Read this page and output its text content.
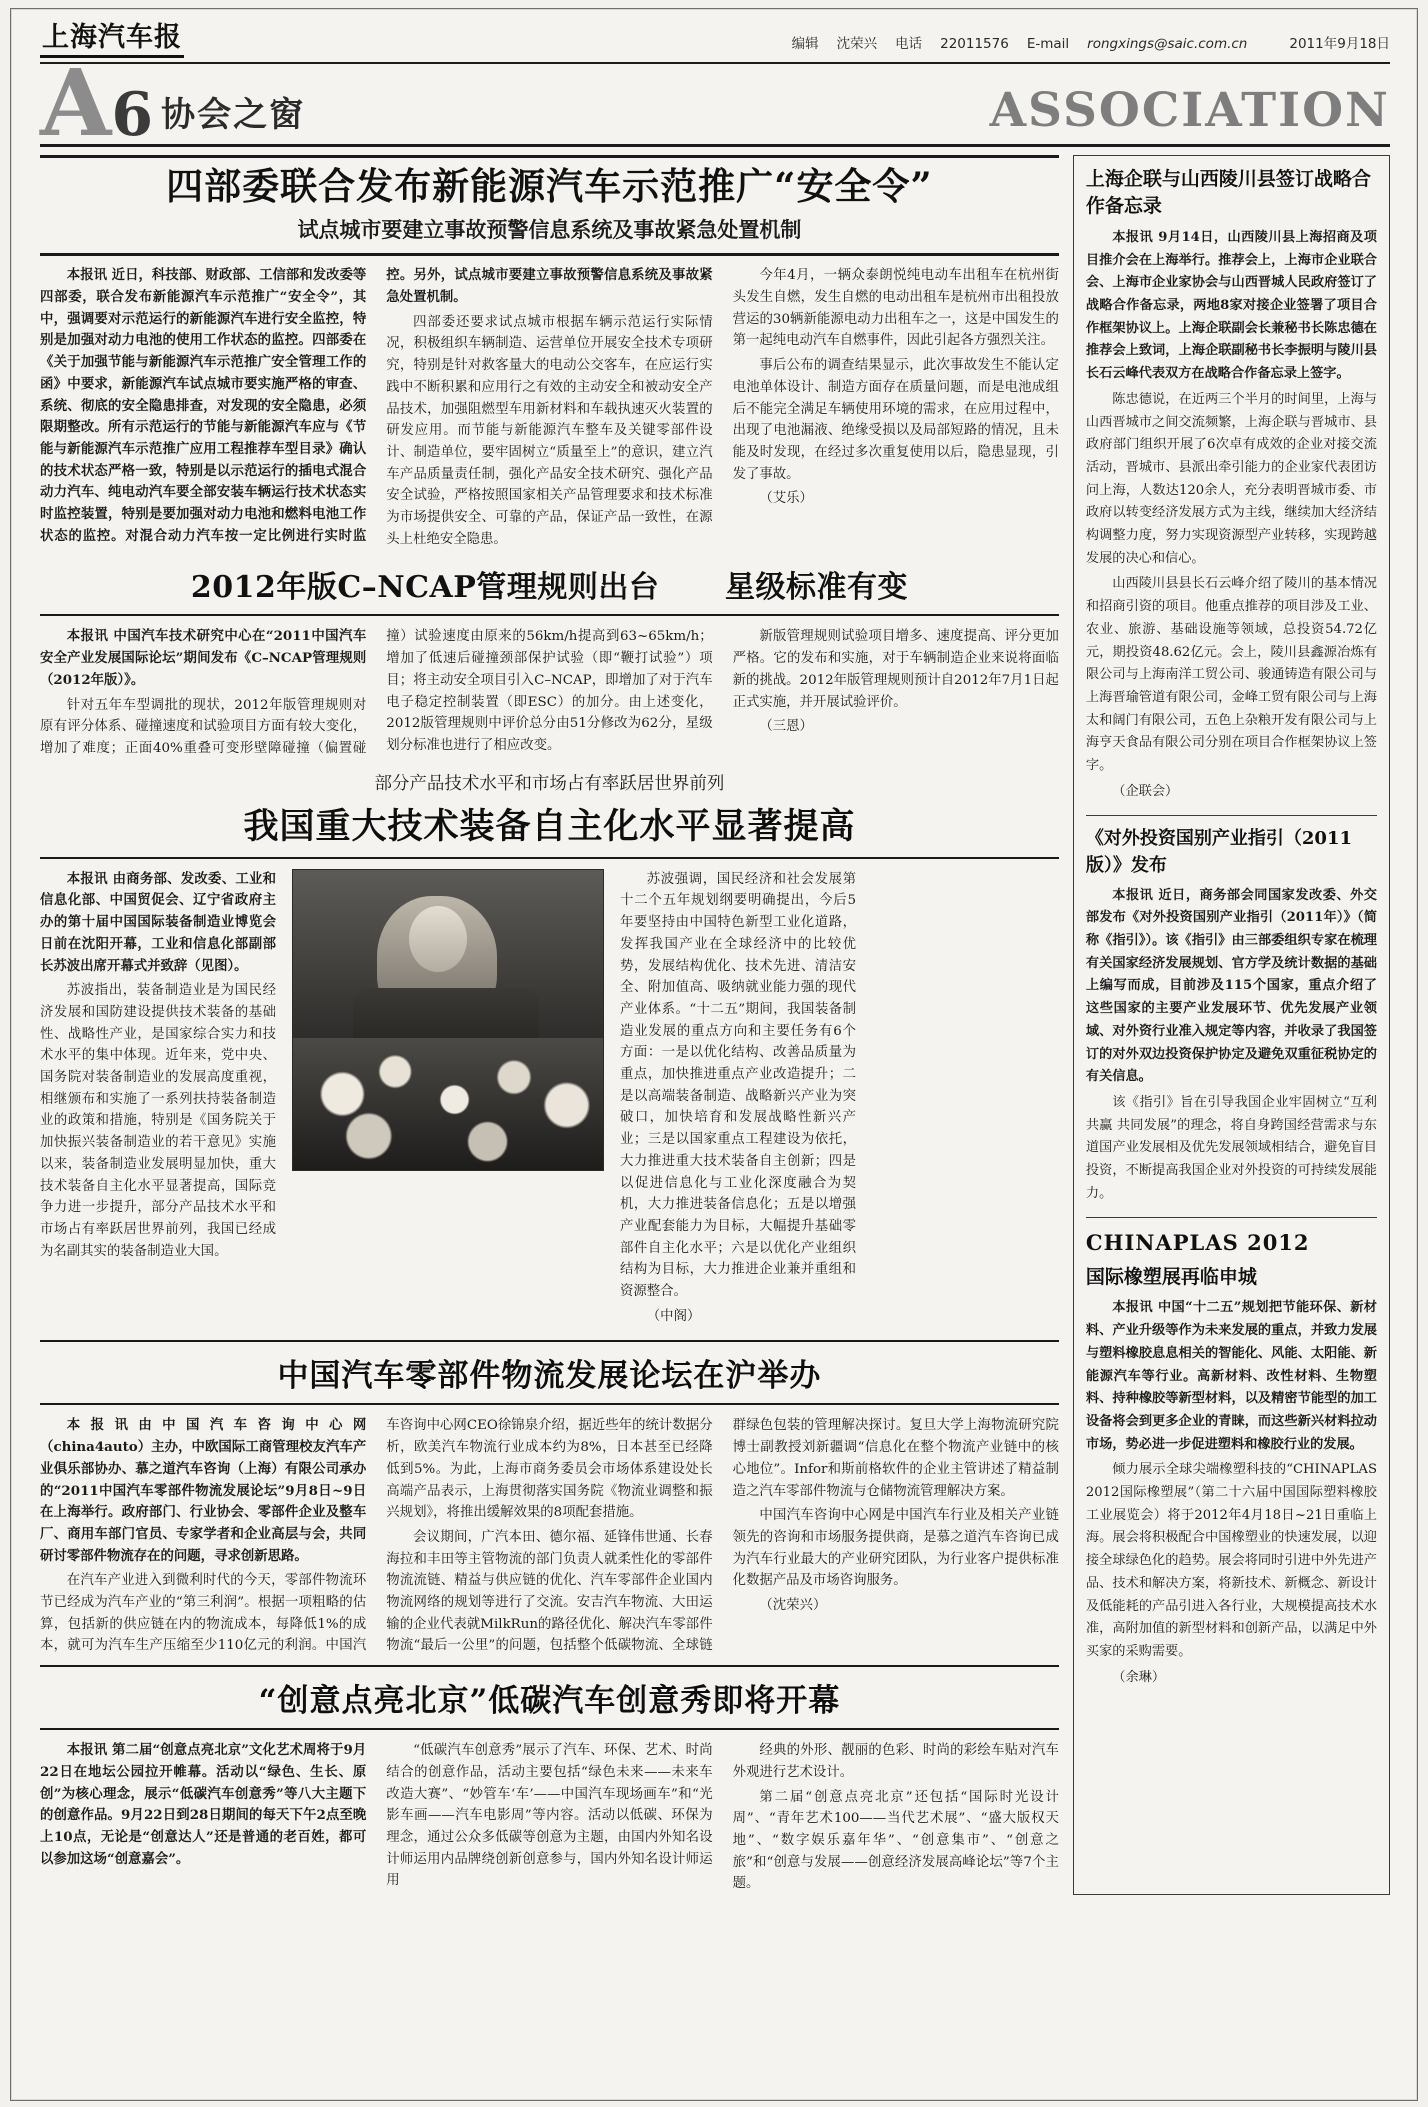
上海汽车报	编辑 沈荣兴 电话 22011576 E-mail rongxings@saic.com.cn	2011年9月18日
A 6 协会之窗	ASSOCIATION
四部委联合发布新能源汽车示范推广“安全令”
试点城市要建立事故预警信息系统及事故紧急处置机制

本报讯 近日，科技部、财政部、工信部和发改委等四部委，联合发布新能源汽车示范推广“安全令”，其中，强调要对示范运行的新能源汽车进行安全监控，特别是加强对动力电池的使用工作状态的监控。四部委在《关于加强节能与新能源汽车示范推广安全管理工作的函》中要求，新能源汽车试点城市要实施严格的审查、系统、彻底的安全隐患排查，对发现的安全隐患，必须限期整改。所有示范运行的节能与新能源汽车应与《节能与新能源汽车示范推广应用工程推荐车型目录》确认的技术状态严格一致，特别是以示范运行的插电式混合动力汽车、纯电动汽车要全部安装车辆运行技术状态实时监控装置，特别是要加强对动力电池和燃料电池工作状态的监控。对混合动力汽车按一定比例进行实时监控。另外，试点城市要建立事故预警信息系统及事故紧急处置机制。

四部委还要求试点城市根据车辆示范运行实际情况，积极组织车辆制造、运营单位开展安全技术专项研究，特别是针对救客量大的电动公交客车，在应运行实践中不断积累和应用行之有效的主动安全和被动安全产品技术，加强阻燃型车用新材料和车载执速灭火装置的研发应用。而节能与新能源汽车整车及关键零部件设计、制造单位，要牢固树立“质量至上”的意识，建立汽车产品质量责任制，强化产品安全技术研究、强化产品安全试验，严格按照国家相关产品管理要求和技术标准为市场提供安全、可靠的产品，保证产品一致性，在源头上杜绝安全隐患。

今年4月，一辆众泰朗悦纯电动车出租车在杭州街头发生自燃，发生自燃的电动出租车是杭州市出租投放营运的30辆新能源电动力出租车之一，这是中国发生的第一起纯电动汽车自燃事件，因此引起各方强烈关注。

事后公布的调查结果显示，此次事故发生不能认定电池单体设计、制造方面存在质量问题，而是电池成组后不能完全满足车辆使用环境的需求，在应用过程中，出现了电池漏液、绝缘受损以及局部短路的情况，且未能及时发现，在经过多次重复使用以后，隐患显现，引发了事故。

（艾乐）

2012年版C–NCAP管理规则出台 星级标准有变

本报讯 中国汽车技术研究中心在“2011中国汽车安全产业发展国际论坛”期间发布《C–NCAP管理规则（2012年版）》。

针对五年车型调批的现状，2012年版管理规则对原有评分体系、碰撞速度和试验项目方面有较大变化，增加了难度；正面40%重叠可变形壁障碰撞（偏置碰撞）试验速度由原来的56km/h提高到63~65km/h；增加了低速后碰撞颈部保护试验（即“鞭打试验”）项目；将主动安全项目引入C–NCAP，即增加了对于汽车电子稳定控制装置（即ESC）的加分。由上述变化，2012版管理规则中评价总分由51分修改为62分，星级划分标准也进行了相应改变。

新版管理规则试验项目增多、速度提高、评分更加严格。它的发布和实施，对于车辆制造企业来说将面临新的挑战。2012年版管理规则预计自2012年7月1日起正式实施，并开展试验评价。

（三恩）

部分产品技术水平和市场占有率跃居世界前列
我国重大技术装备自主化水平显著提高

本报讯 由商务部、发改委、工业和信息化部、中国贸促会、辽宁省政府主办的第十届中国国际装备制造业博览会日前在沈阳开幕，工业和信息化部副部长苏波出席开幕式并致辞（见图）。

苏波指出，装备制造业是为国民经济发展和国防建设提供技术装备的基础性、战略性产业，是国家综合实力和技术水平的集中体现。近年来，党中央、国务院对装备制造业的发展高度重视，相继颁布和实施了一系列扶持装备制造业的政策和措施，特别是《国务院关于加快振兴装备制造业的若干意见》实施以来，装备制造业发展明显加快，重大技术装备自主化水平显著提高，国际竞争力进一步提升，部分产品技术水平和市场占有率跃居世界前列，我国已经成为名副其实的装备制造业大国。

苏波强调，国民经济和社会发展第十二个五年规划纲要明确提出，今后5年要坚持由中国特色新型工业化道路，发挥我国产业在全球经济中的比较优势，发展结构优化、技术先进、清洁安全、附加值高、吸纳就业能力强的现代产业体系。“十二五”期间，我国装备制造业发展的重点方向和主要任务有6个方面：一是以优化结构、改善品质量为重点，加快推进重点产业改造提升；二是以高端装备制造、战略新兴产业为突破口，加快培育和发展战略性新兴产业；三是以国家重点工程建设为依托，大力推进重大技术装备自主创新；四是以促进信息化与工业化深度融合为契机，大力推进装备信息化；五是以增强产业配套能力为目标，大幅提升基础零部件自主化水平；六是以优化产业组织结构为目标，大力推进企业兼并重组和资源整合。

（中阁）

中国汽车零部件物流发展论坛在沪举办

本 报 讯 由 中 国 汽 车 咨 询 中 心 网（china4auto）主办，中欧国际工商管理校友汽车产业俱乐部协办、慕之道汽车咨询（上海）有限公司承办的“2011中国汽车零部件物流发展论坛”9月8日~9日在上海举行。政府部门、行业协会、零部件企业及整车厂、商用车部门官员、专家学者和企业高层与会，共同研讨零部件物流存在的问题，寻求创新思路。

在汽车产业进入到微利时代的今天，零部件物流环节已经成为汽车产业的“第三利润”。根据一项粗略的估算，包括新的供应链在内的物流成本，每降低1%的成本，就可为汽车生产压缩至少110亿元的利润。中国汽车咨询中心网CEO徐锦泉介绍，据近些年的统计数据分析，欧美汽车物流行业成本约为8%，日本甚至已经降低到5%。为此，上海市商务委员会市场体系建设处长高端产品表示，上海贯彻落实国务院《物流业调整和振兴规划》，将推出缓解效果的8项配套措施。

会议期间，广汽本田、德尔福、延锋伟世通、长春海拉和丰田等主管物流的部门负责人就柔性化的零部件物流流链、精益与供应链的优化、汽车零部件企业国内物流网络的规划等进行了交流。安吉汽车物流、大田运输的企业代表就MilkRun的路径优化、解决汽车零部件物流“最后一公里”的问题，包括整个低碳物流、全球链群绿色包装的管理解决探讨。复旦大学上海物流研究院博士副教授刘新疆调“信息化在整个物流产业链中的核心地位”。Infor和斯前格软件的企业主管讲述了精益制造之汽车零部件物流与仓储物流管理解决方案。

中国汽车咨询中心网是中国汽车行业及相关产业链领先的咨询和市场服务提供商，是慕之道汽车咨询已成为汽车行业最大的产业研究团队，为行业客户提供标准化数据产品及市场咨询服务。

（沈荣兴）

“创意点亮北京”低碳汽车创意秀即将开幕

本报讯 第二届“创意点亮北京”文化艺术周将于9月22日在地坛公园拉开帷幕。活动以“绿色、生长、原创”为核心理念，展示“低碳汽车创意秀”等八大主题下的创意作品。9月22日到28日期间的每天下午2点至晚上10点，无论是“创意达人”还是普通的老百姓，都可以参加这场“创意嘉会”。

“低碳汽车创意秀”展示了汽车、环保、艺术、时尚结合的创意作品，活动主要包括“绿色未来——未来车改造大赛”、“妙管车‘车’——中国汽车现场画车”和“光影车画——汽车电影周”等内容。活动以低碳、环保为理念，通过公众多低碳等创意为主题，由国内外知名设计师运用内品牌绕创新创意参与，国内外知名设计师运用

经典的外形、靓丽的色彩、时尚的彩绘车贴对汽车外观进行艺术设计。

第二届“创意点亮北京”还包括“国际时光设计周”、“青年艺术100——当代艺术展”、“盛大版权天地”、“数字娱乐嘉年华”、“创意集市”、“创意之旅”和“创意与发展——创意经济发展高峰论坛”等7个主题。

上海企联与山西陵川县签订战略合作备忘录

本报讯 9月14日，山西陵川县上海招商及项目推介会在上海举行。推荐会上，上海市企业联合会、上海市企业家协会与山西晋城人民政府签订了战略合作备忘录，两地8家对接企业签署了项目合作框架协议上。上海企联副会长兼秘书长陈忠德在推荐会上致词，上海企联副秘书长李振明与陵川县长石云峰代表双方在战略合作备忘录上签字。

陈忠德说，在近两三个半月的时间里，上海与山西晋城市之间交流频繁，上海企联与晋城市、县政府部门组织开展了6次卓有成效的企业对接交流活动，晋城市、县派出牵引能力的企业家代表团访问上海，人数达120余人，充分表明晋城市委、市政府以转变经济发展方式为主线，继续加大经济结构调整力度，努力实现资源型产业转移，实现跨越发展的决心和信心。

山西陵川县县长石云峰介绍了陵川的基本情况和招商引资的项目。他重点推荐的项目涉及工业、农业、旅游、基础设施等领域，总投资54.72亿元，期投资48.62亿元。会上，陵川县鑫源冶炼有限公司与上海南洋工贸公司、骏通铸造有限公司与上海晋瑜管道有限公司，金峰工贸有限公司与上海太和阔门有限公司，五色上杂粮开发有限公司与上海亨天食品有限公司分别在项目合作框架协议上签字。

（企联会）

《对外投资国别产业指引（2011版）》发布

本报讯 近日，商务部会同国家发改委、外交部发布《对外投资国别产业指引（2011年）》（简称《指引》）。该《指引》由三部委组织专家在梳理有关国家经济发展规划、官方学及统计数据的基础上编写而成，目前涉及115个国家，重点介绍了这些国家的主要产业发展环节、优先发展产业领域、对外资行业准入规定等内容，并收录了我国签订的对外双边投资保护协定及避免双重征税协定的有关信息。

该《指引》旨在引导我国企业牢固树立“互利共赢 共同发展”的理念，将自身跨国经营需求与东道国产业发展相及优先发展领域相结合，避免盲目投资，不断提高我国企业对外投资的可持续发展能力。

CHINAPLAS 2012
国际橡塑展再临申城

本报讯 中国“十二五”规划把节能环保、新材料、产业升级等作为未来发展的重点，并致力发展与塑料橡胶息息相关的智能化、风能、太阳能、新能源汽车等行业。高新材料、改性材料、生物塑料、持种橡胶等新型材料，以及精密节能型的加工设备将会到更多企业的青睐，而这些新兴材料拉动市场，势必进一步促进塑料和橡胶行业的发展。

倾力展示全球尖端橡塑科技的“CHINAPLAS 2012国际橡塑展”（第二十六届中国国际塑料橡胶工业展览会）将于2012年4月18日~21日重临上海。展会将积极配合中国橡塑业的快速发展，以迎接全球绿色化的趋势。展会将同时引进中外先进产品、技术和解决方案，将新技术、新概念、新设计及低能耗的产品引进入各行业，大规模提高技术水准，高附加值的新型材料和创新产品，以满足中外买家的采购需要。

（余琳）
